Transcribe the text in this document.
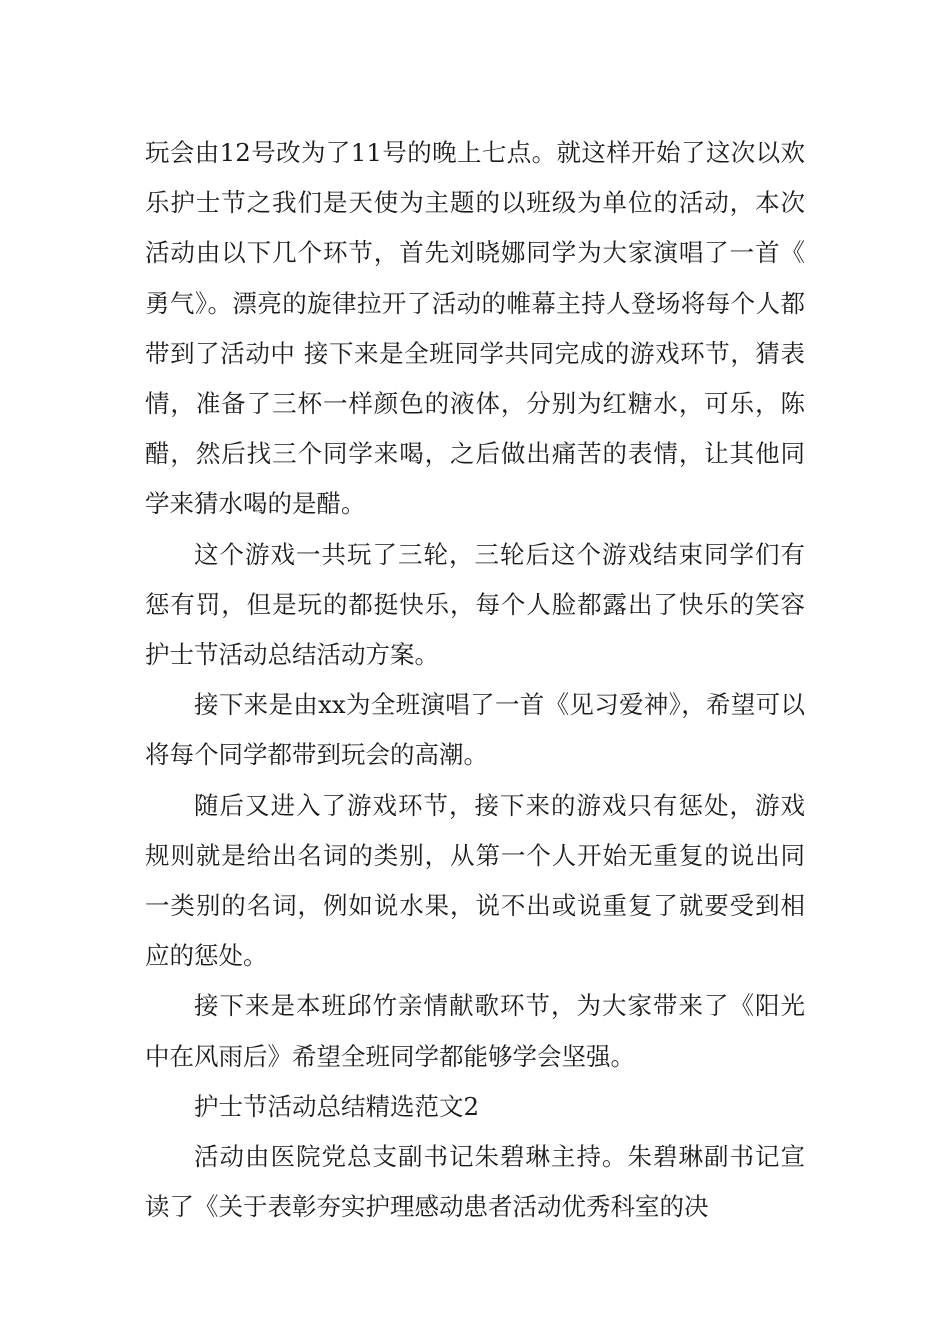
玩会由12号改为了11号的晚上七点。就这样开始了这次以欢乐护士节之我们是天使为主题的以班级为单位的活动，本次活动由以下几个环节，首先刘晓娜同学为大家演唱了一首《勇气》。漂亮的旋律拉开了活动的帷幕主持人登场将每个人都带到了活动中 接下来是全班同学共同完成的游戏环节，猜表情，准备了三杯一样颜色的液体，分别为红糖水，可乐，陈醋，然后找三个同学来喝，之后做出痛苦的表情，让其他同学来猜水喝的是醋。

这个游戏一共玩了三轮，三轮后这个游戏结束同学们有惩有罚，但是玩的都挺快乐，每个人脸都露出了快乐的笑容护士节活动总结活动方案。

接下来是由xx为全班演唱了一首《见习爱神》，希望可以将每个同学都带到玩会的高潮。

随后又进入了游戏环节，接下来的游戏只有惩处，游戏规则就是给出名词的类别，从第一个人开始无重复的说出同一类别的名词，例如说水果，说不出或说重复了就要受到相应的惩处。

接下来是本班邱竹亲情献歌环节，为大家带来了《阳光中在风雨后》希望全班同学都能够学会坚强。

护士节活动总结精选范文2

活动由医院党总支副书记朱碧琳主持。朱碧琳副书记宣读了《关于表彰夯实护理感动患者活动优秀科室的决
